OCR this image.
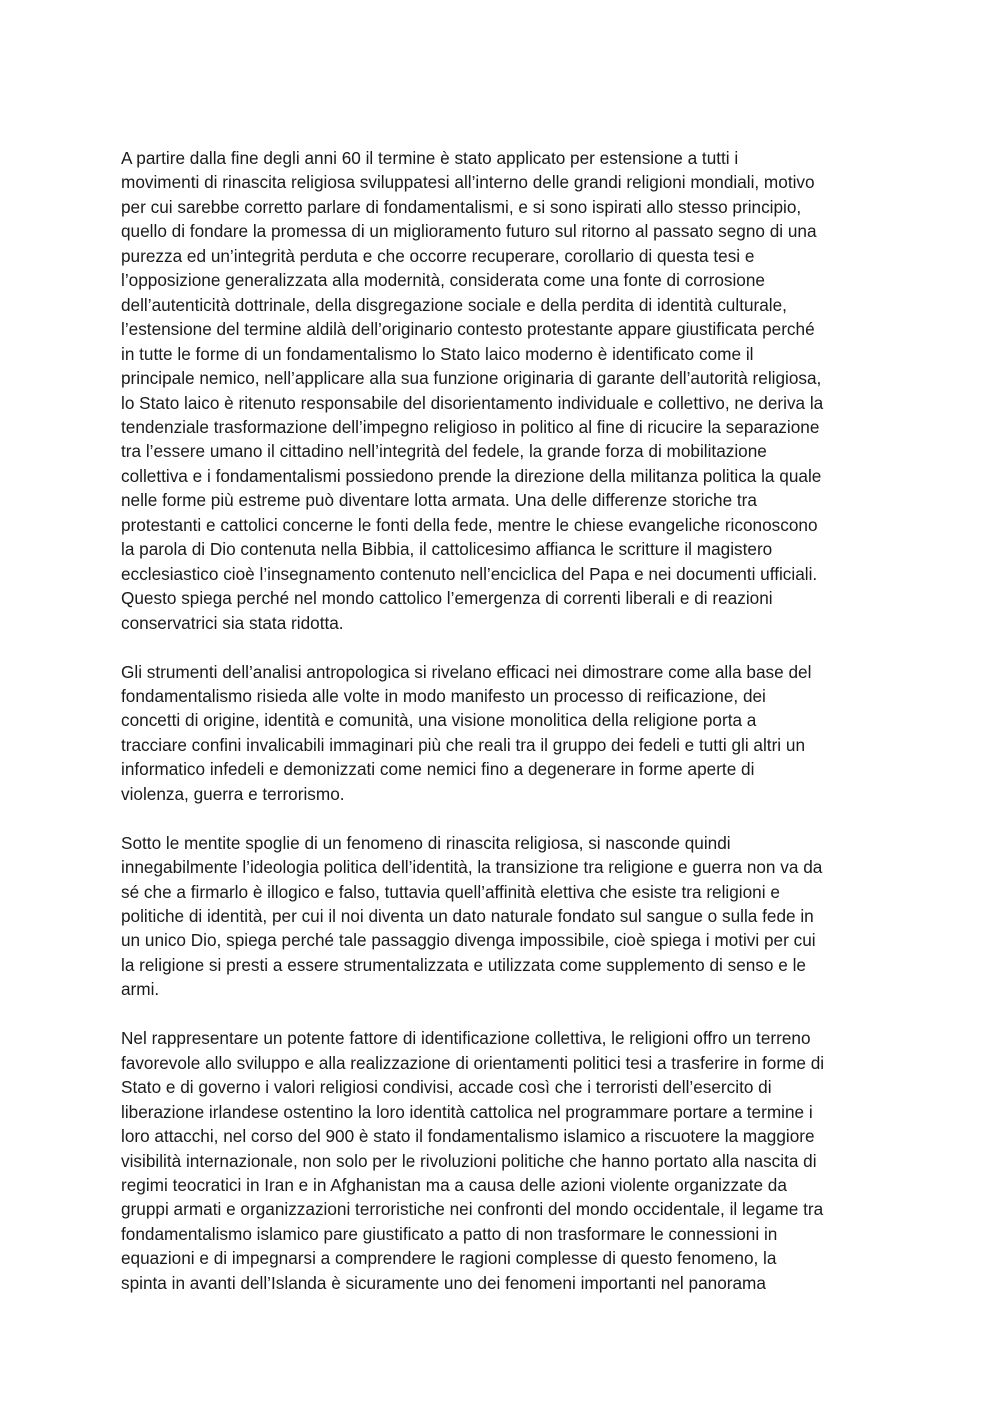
A partire dalla fine degli anni 60 il termine è stato applicato per estensione a tutti i
movimenti di rinascita religiosa sviluppatesi all’interno delle grandi religioni mondiali, motivo
per cui sarebbe corretto parlare di fondamentalismi, e si sono ispirati allo stesso principio,
quello di fondare la promessa di un miglioramento futuro sul ritorno al passato segno di una
purezza ed un’integrità perduta e che occorre recuperare, corollario di questa tesi e
l’opposizione generalizzata alla modernità, considerata come una fonte di corrosione
dell’autenticità dottrinale, della disgregazione sociale e della perdita di identità culturale,
l’estensione del termine aldilà dell’originario contesto protestante appare giustificata perché
in tutte le forme di un fondamentalismo lo Stato laico moderno è identificato come il
principale nemico, nell’applicare alla sua funzione originaria di garante dell’autorità religiosa,
lo Stato laico è ritenuto responsabile del disorientamento individuale e collettivo, ne deriva la
tendenziale trasformazione dell’impegno religioso in politico al fine di ricucire la separazione
tra l’essere umano il cittadino nell’integrità del fedele, la grande forza di mobilitazione
collettiva e i fondamentalismi possiedono prende la direzione della militanza politica la quale
nelle forme più estreme può diventare lotta armata. Una delle differenze storiche tra
protestanti e cattolici concerne le fonti della fede, mentre le chiese evangeliche riconoscono
la parola di Dio contenuta nella Bibbia, il cattolicesimo affianca le scritture il magistero
ecclesiastico cioè l’insegnamento contenuto nell’enciclica del Papa e nei documenti ufficiali.
Questo spiega perché nel mondo cattolico l’emergenza di correnti liberali e di reazioni
conservatrici sia stata ridotta.

Gli strumenti dell’analisi antropologica si rivelano efficaci nei dimostrare come alla base del
fondamentalismo risieda alle volte in modo manifesto un processo di reificazione, dei
concetti di origine, identità e comunità, una visione monolitica della religione porta a
tracciare confini invalicabili immaginari più che reali tra il gruppo dei fedeli e tutti gli altri un
informatico infedeli e demonizzati come nemici fino a degenerare in forme aperte di
violenza, guerra e terrorismo.

Sotto le mentite spoglie di un fenomeno di rinascita religiosa, si nasconde quindi
innegabilmente l’ideologia politica dell’identità, la transizione tra religione e guerra non va da
sé che a firmarlo è illogico e falso, tuttavia quell’affinità elettiva che esiste tra religioni e
politiche di identità, per cui il noi diventa un dato naturale fondato sul sangue o sulla fede in
un unico Dio, spiega perché tale passaggio divenga impossibile, cioè spiega i motivi per cui
la religione si presti a essere strumentalizzata e utilizzata come supplemento di senso e le
armi.

Nel rappresentare un potente fattore di identificazione collettiva, le religioni offro un terreno
favorevole allo sviluppo e alla realizzazione di orientamenti politici tesi a trasferire in forme di
Stato e di governo i valori religiosi condivisi, accade così che i terroristi dell’esercito di
liberazione irlandese ostentino la loro identità cattolica nel programmare portare a termine i
loro attacchi, nel corso del 900 è stato il fondamentalismo islamico a riscuotere la maggiore
visibilità internazionale, non solo per le rivoluzioni politiche che hanno portato alla nascita di
regimi teocratici in Iran e in Afghanistan ma a causa delle azioni violente organizzate da
gruppi armati e organizzazioni terroristiche nei confronti del mondo occidentale, il legame tra
fondamentalismo islamico pare giustificato a patto di non trasformare le connessioni in
equazioni e di impegnarsi a comprendere le ragioni complesse di questo fenomeno, la
spinta in avanti dell’Islanda è sicuramente uno dei fenomeni importanti nel panorama
